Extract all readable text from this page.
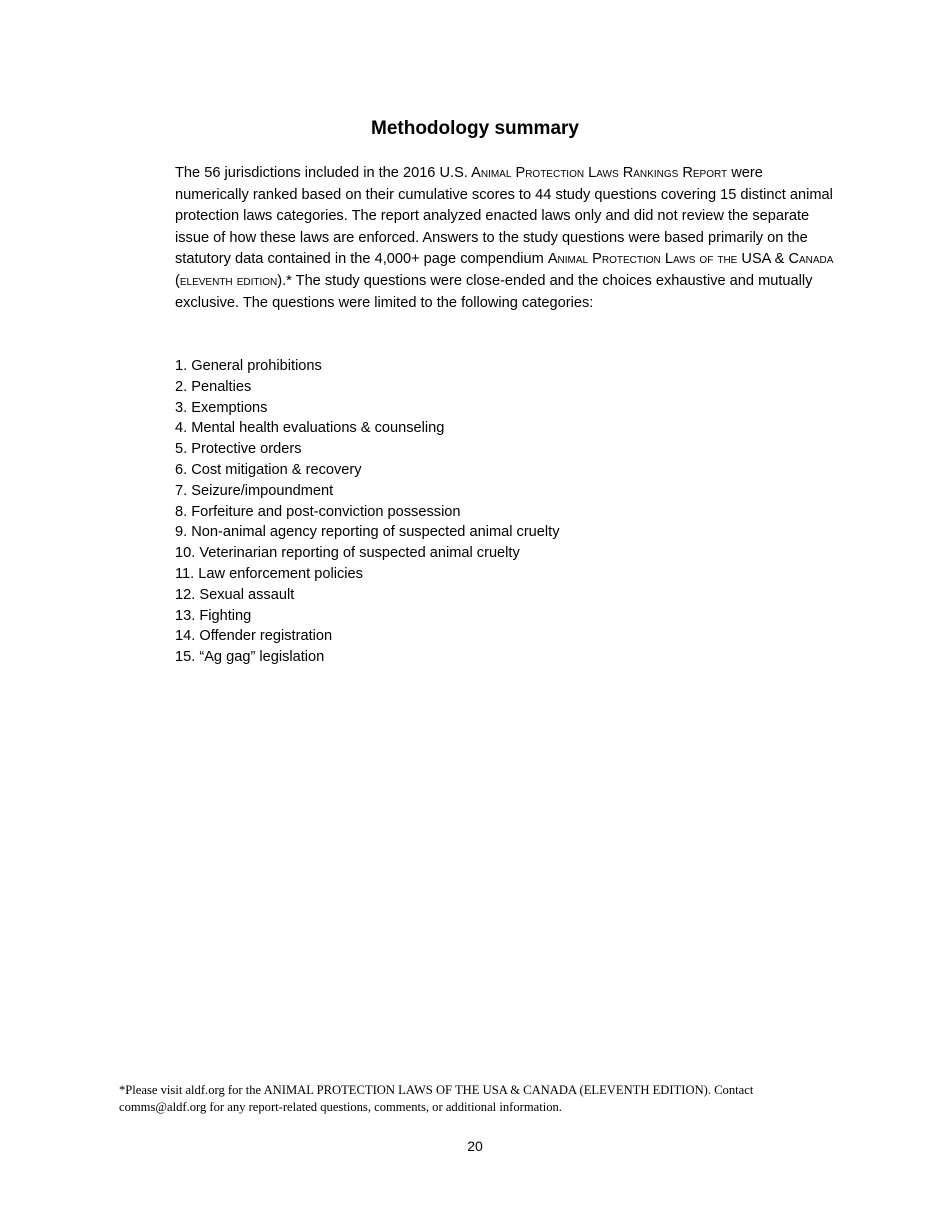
Methodology summary

The 56 jurisdictions included in the 2016 U.S. Animal Protection Laws Rankings Report were numerically ranked based on their cumulative scores to 44 study questions covering 15 distinct animal protection laws categories. The report analyzed enacted laws only and did not review the separate issue of how these laws are enforced. Answers to the study questions were based primarily on the statutory data contained in the 4,000+ page compendium Animal Protection Laws of the USA & Canada (eleventh edition).* The study questions were close-ended and the choices exhaustive and mutually exclusive. The questions were limited to the following categories:

1. General prohibitions
2. Penalties
3. Exemptions
4. Mental health evaluations & counseling
5. Protective orders
6. Cost mitigation & recovery
7. Seizure/impoundment
8. Forfeiture and post-conviction possession
9. Non-animal agency reporting of suspected animal cruelty
10. Veterinarian reporting of suspected animal cruelty
11. Law enforcement policies
12. Sexual assault
13. Fighting
14. Offender registration
15. “Ag gag” legislation

*Please visit aldf.org for the ANIMAL PROTECTION LAWS OF THE USA & CANADA (ELEVENTH EDITION). Contact comms@aldf.org for any report-related questions, comments, or additional information.

20
